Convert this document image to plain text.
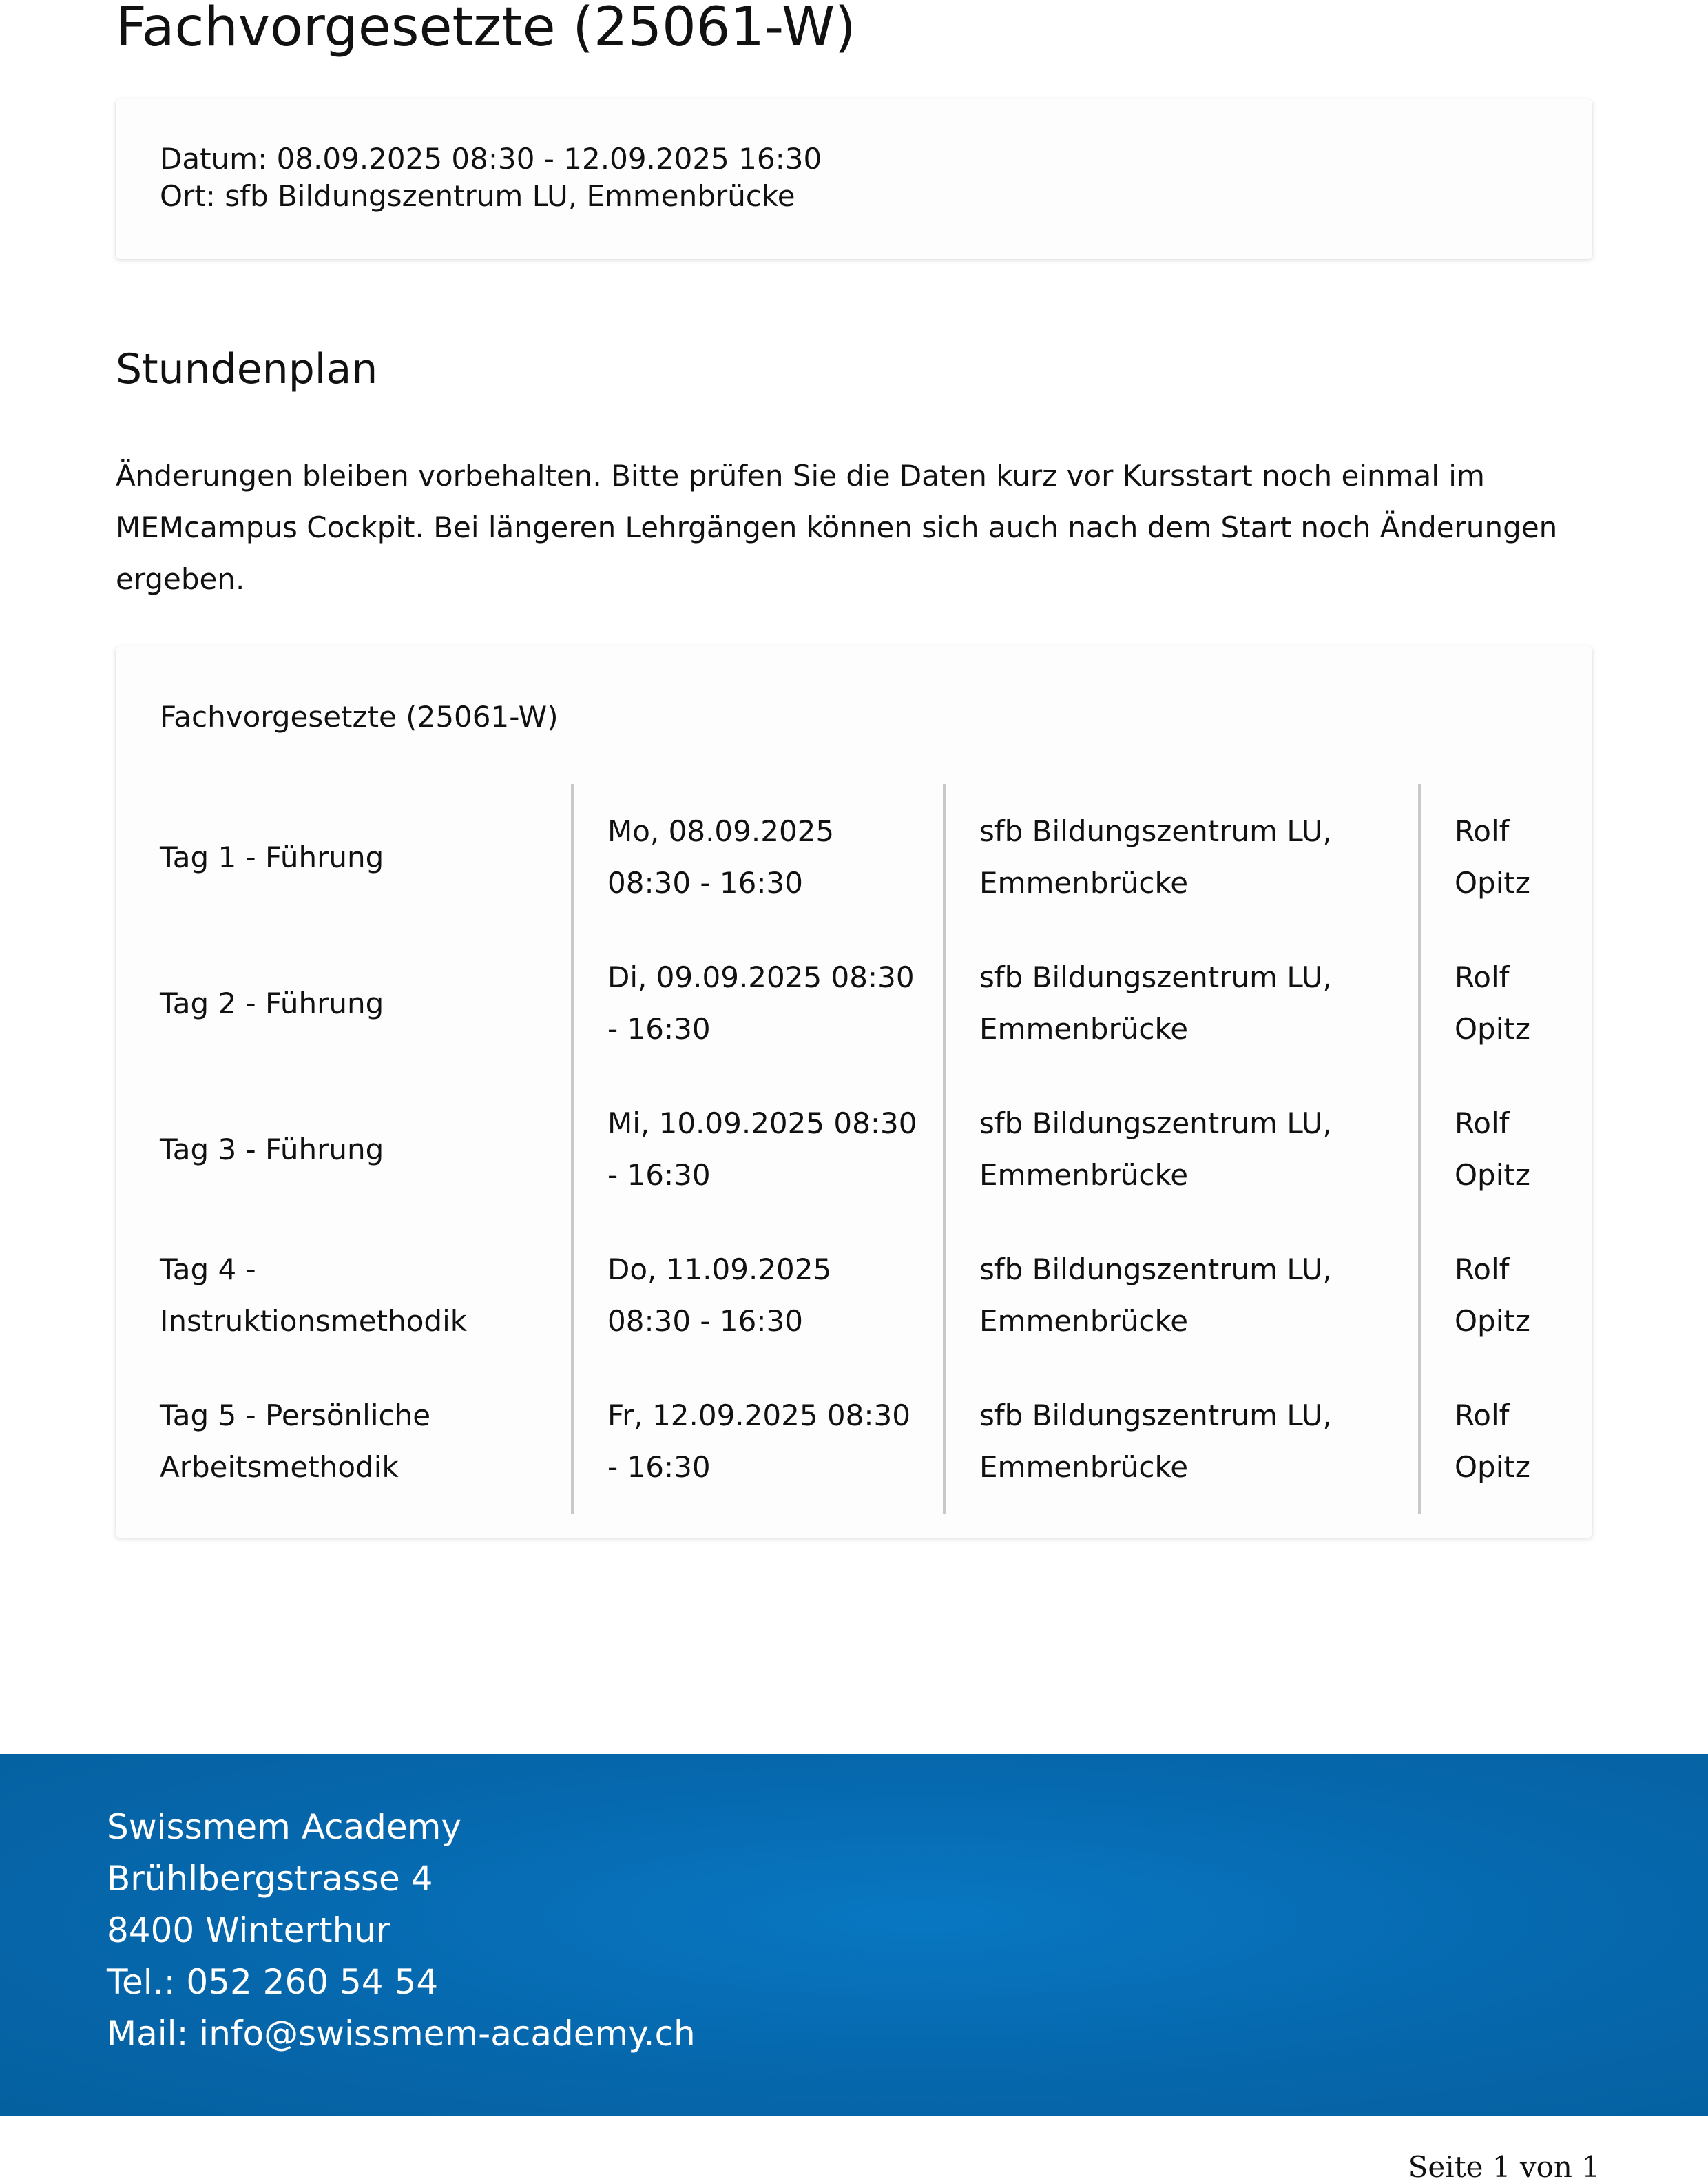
Fachvorgesetzte (25061-W)
Datum: 08.09.2025 08:30 - 12.09.2025 16:30
Ort: sfb Bildungszentrum LU, Emmenbrücke
Stundenplan

Änderungen bleiben vorbehalten. Bitte prüfen Sie die Daten kurz vor Kursstart noch einmal im MEMcampus Cockpit. Bei längeren Lehrgängen können sich auch nach dem Start noch Änderungen ergeben.

Fachvorgesetzte (25061-W)
Tag 1 - Führung
Mo, 08.09.2025 08:30 - 16:30
sfb Bildungszentrum LU, Emmenbrücke
Rolf Opitz
Tag 2 - Führung
Di, 09.09.2025 08:30 - 16:30
sfb Bildungszentrum LU, Emmenbrücke
Rolf Opitz
Tag 3 - Führung
Mi, 10.09.2025 08:30 - 16:30
sfb Bildungszentrum LU, Emmenbrücke
Rolf Opitz
Tag 4 - Instruktionsmethodik
Do, 11.09.2025 08:30 - 16:30
sfb Bildungszentrum LU, Emmenbrücke
Rolf Opitz
Tag 5 - Persönliche Arbeitsmethodik
Fr, 12.09.2025 08:30 - 16:30
sfb Bildungszentrum LU, Emmenbrücke
Rolf Opitz
Swissmem Academy
Brühlbergstrasse 4
8400 Winterthur
Tel.: 052 260 54 54
Mail: info@swissmem-academy.ch
Seite 1 von 1
